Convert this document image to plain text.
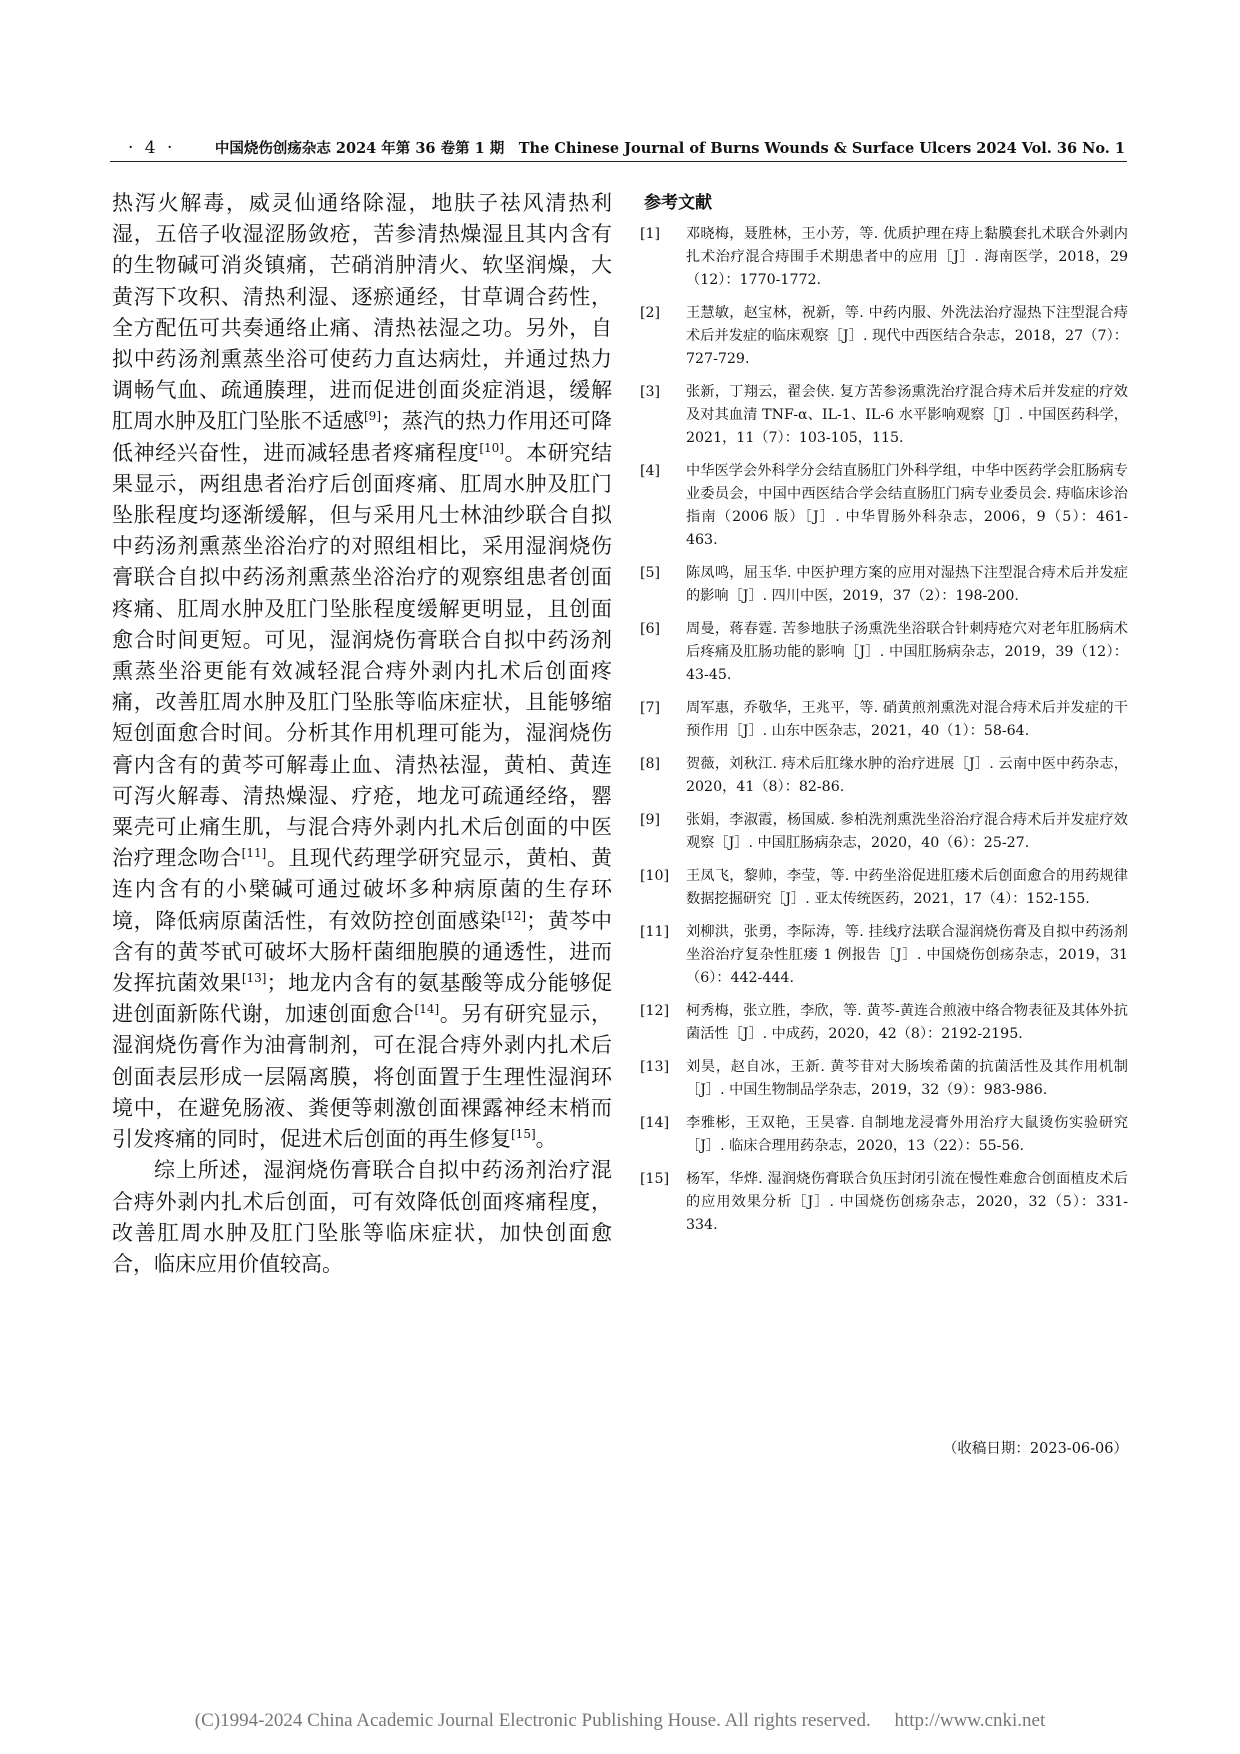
· 4 ·	中国烧伤创疡杂志 2024 年第 36 卷第 1 期　The Chinese Journal of Burns Wounds & Surface Ulcers 2024 Vol. 36 No. 1

热泻火解毒，威灵仙通络除湿，地肤子祛风清热利湿，五倍子收湿涩肠敛疮，苦参清热燥湿且其内含有的生物碱可消炎镇痛，芒硝消肿清火、软坚润燥，大黄泻下攻积、清热利湿、逐瘀通经，甘草调合药性，全方配伍可共奏通络止痛、清热祛湿之功。另外，自拟中药汤剂熏蒸坐浴可使药力直达病灶，并通过热力调畅气血、疏通腠理，进而促进创面炎症消退，缓解肛周水肿及肛门坠胀不适感[9]；蒸汽的热力作用还可降低神经兴奋性，进而减轻患者疼痛程度[10]。本研究结果显示，两组患者治疗后创面疼痛、肛周水肿及肛门坠胀程度均逐渐缓解，但与采用凡士林油纱联合自拟中药汤剂熏蒸坐浴治疗的对照组相比，采用湿润烧伤膏联合自拟中药汤剂熏蒸坐浴治疗的观察组患者创面疼痛、肛周水肿及肛门坠胀程度缓解更明显，且创面愈合时间更短。可见，湿润烧伤膏联合自拟中药汤剂熏蒸坐浴更能有效减轻混合痔外剥内扎术后创面疼痛，改善肛周水肿及肛门坠胀等临床症状，且能够缩短创面愈合时间。分析其作用机理可能为，湿润烧伤膏内含有的黄芩可解毒止血、清热祛湿，黄柏、黄连可泻火解毒、清热燥湿、疗疮，地龙可疏通经络，罂粟壳可止痛生肌，与混合痔外剥内扎术后创面的中医治疗理念吻合[11]。且现代药理学研究显示，黄柏、黄连内含有的小檗碱可通过破坏多种病原菌的生存环境，降低病原菌活性，有效防控创面感染[12]；黄芩中含有的黄芩甙可破坏大肠杆菌细胞膜的通透性，进而发挥抗菌效果[13]；地龙内含有的氨基酸等成分能够促进创面新陈代谢，加速创面愈合[14]。另有研究显示，湿润烧伤膏作为油膏制剂，可在混合痔外剥内扎术后创面表层形成一层隔离膜，将创面置于生理性湿润环境中，在避免肠液、粪便等刺激创面裸露神经末梢而引发疼痛的同时，促进术后创面的再生修复[15]。

综上所述，湿润烧伤膏联合自拟中药汤剂治疗混合痔外剥内扎术后创面，可有效降低创面疼痛程度，改善肛周水肿及肛门坠胀等临床症状，加快创面愈合，临床应用价值较高。

参考文献
[1] 邓晓梅，聂胜林，王小芳，等. 优质护理在痔上黏膜套扎术联合外剥内扎术治疗混合痔围手术期患者中的应用［J］. 海南医学，2018，29（12）：1770-1772.
[2] 王慧敏，赵宝林，祝新，等. 中药内服、外洗法治疗湿热下注型混合痔术后并发症的临床观察［J］. 现代中西医结合杂志，2018，27（7）：727-729.
[3] 张新，丁翔云，翟会侠. 复方苦参汤熏洗治疗混合痔术后并发症的疗效及对其血清 TNF-α、IL-1、IL-6 水平影响观察［J］. 中国医药科学，2021，11（7）：103-105，115.
[4] 中华医学会外科学分会结直肠肛门外科学组，中华中医药学会肛肠病专业委员会，中国中西医结合学会结直肠肛门病专业委员会. 痔临床诊治指南（2006 版）［J］. 中华胃肠外科杂志，2006，9（5）：461-463.
[5] 陈凤鸣，屈玉华. 中医护理方案的应用对湿热下注型混合痔术后并发症的影响［J］. 四川中医，2019，37（2）：198-200.
[6] 周曼，蒋春霆. 苦参地肤子汤熏洗坐浴联合针刺痔疮穴对老年肛肠病术后疼痛及肛肠功能的影响［J］. 中国肛肠病杂志，2019，39（12）：43-45.
[7] 周军惠，乔敬华，王兆平，等. 硝黄煎剂熏洗对混合痔术后并发症的干预作用［J］. 山东中医杂志，2021，40（1）：58-64.
[8] 贺薇，刘秋江. 痔术后肛缘水肿的治疗进展［J］. 云南中医中药杂志，2020，41（8）：82-86.
[9] 张娟，李淑霞，杨国威. 参柏洗剂熏洗坐浴治疗混合痔术后并发症疗效观察［J］. 中国肛肠病杂志，2020，40（6）：25-27.
[10] 王凤飞，黎帅，李莹，等. 中药坐浴促进肛瘘术后创面愈合的用药规律数据挖掘研究［J］. 亚太传统医药，2021，17（4）：152-155.
[11] 刘柳洪，张勇，李际涛，等. 挂线疗法联合湿润烧伤膏及自拟中药汤剂坐浴治疗复杂性肛瘘 1 例报告［J］. 中国烧伤创疡杂志，2019，31（6）：442-444.
[12] 柯秀梅，张立胜，李欣，等. 黄芩-黄连合煎液中络合物表征及其体外抗菌活性［J］. 中成药，2020，42（8）：2192-2195.
[13] 刘昊，赵自冰，王新. 黄芩苷对大肠埃希菌的抗菌活性及其作用机制［J］. 中国生物制品学杂志，2019，32（9）：983-986.
[14] 李雅彬，王双艳，王昊睿. 自制地龙浸膏外用治疗大鼠烫伤实验研究［J］. 临床合理用药杂志，2020，13（22）：55-56.
[15] 杨军，华烨. 湿润烧伤膏联合负压封闭引流在慢性难愈合创面植皮术后的应用效果分析［J］. 中国烧伤创疡杂志，2020，32（5）：331-334.
（收稿日期：2023-06-06）
(C)1994-2024 China Academic Journal Electronic Publishing House. All rights reserved.　 http://www.cnki.net
